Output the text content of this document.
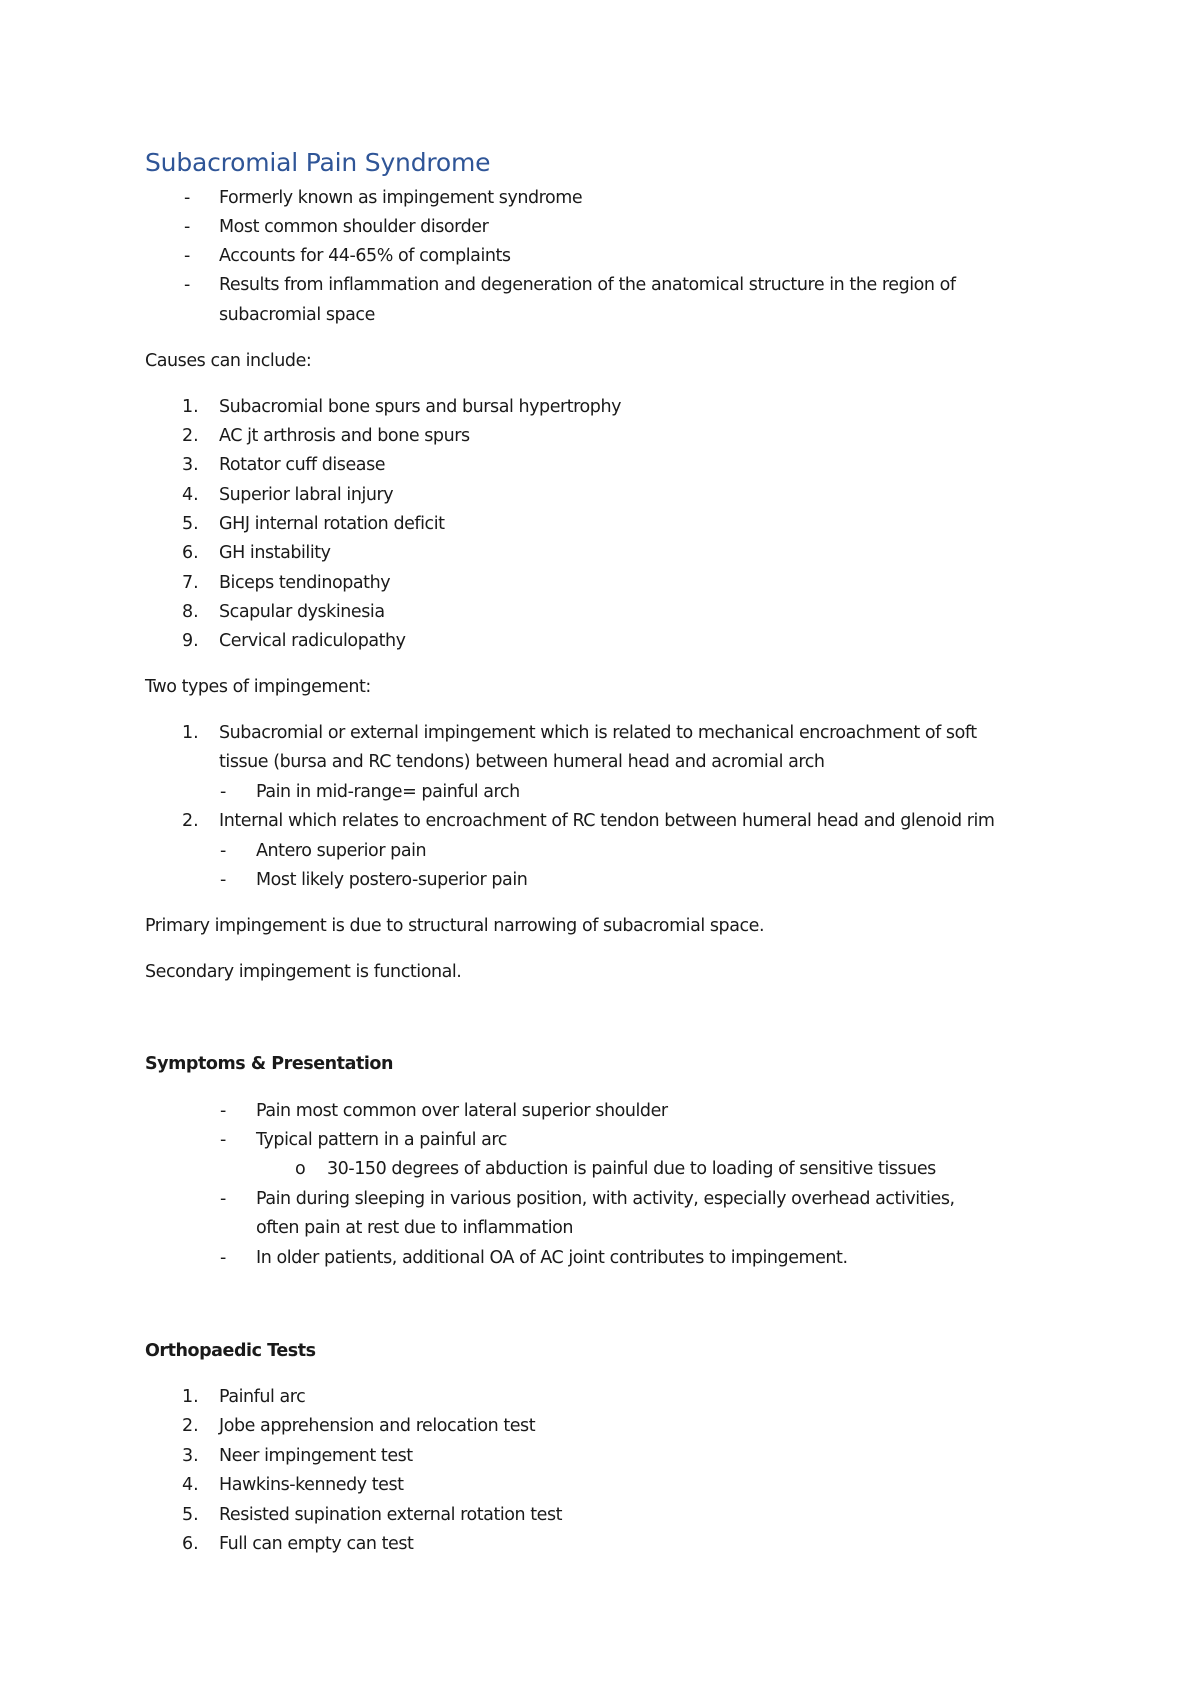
Subacromial Pain Syndrome
- Formerly known as impingement syndrome
- Most common shoulder disorder
- Accounts for 44-65% of complaints
- Results from inflammation and degeneration of the anatomical structure in the region of
subacromial space
Causes can include:
1. Subacromial bone spurs and bursal hypertrophy
2. AC jt arthrosis and bone spurs
3. Rotator cuff disease
4. Superior labral injury
5. GHJ internal rotation deficit
6. GH instability
7. Biceps tendinopathy
8. Scapular dyskinesia
9. Cervical radiculopathy
Two types of impingement:
1. Subacromial or external impingement which is related to mechanical encroachment of soft
tissue (bursa and RC tendons) between humeral head and acromial arch
- Pain in mid-range= painful arch
2. Internal which relates to encroachment of RC tendon between humeral head and glenoid rim
- Antero superior pain
- Most likely postero-superior pain
Primary impingement is due to structural narrowing of subacromial space.
Secondary impingement is functional.
Symptoms & Presentation
- Pain most common over lateral superior shoulder
- Typical pattern in a painful arc
o 30-150 degrees of abduction is painful due to loading of sensitive tissues
- Pain during sleeping in various position, with activity, especially overhead activities,
often pain at rest due to inflammation
- In older patients, additional OA of AC joint contributes to impingement.
Orthopaedic Tests
1. Painful arc
2. Jobe apprehension and relocation test
3. Neer impingement test
4. Hawkins-kennedy test
5. Resisted supination external rotation test
6. Full can empty can test
